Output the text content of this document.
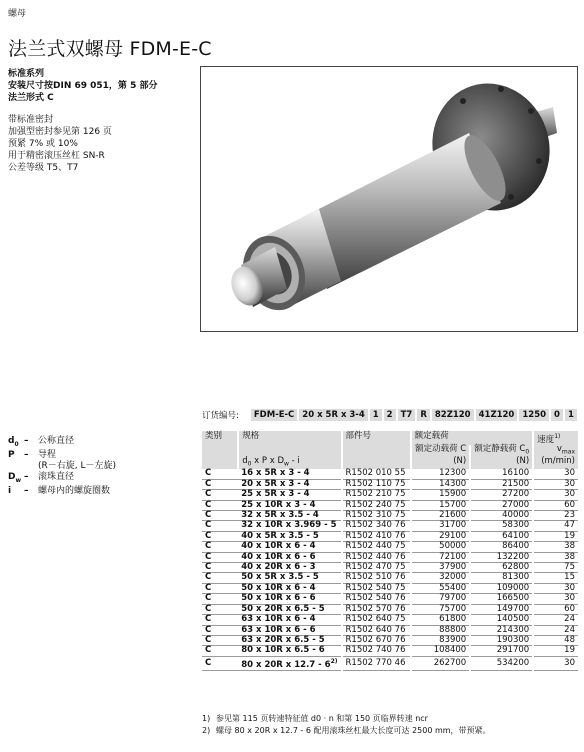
螺母
法兰式双螺母 FDM-E-C
标准系列
安装尺寸按DIN 69 051，第 5 部分
法兰形式 C
带标准密封
加强型密封参见第 126 页
预紧 7% 或 10%
用于精密滚压丝杠 SN-R
公差等级 T5、T7
$d_0$ –	公称直径
P	–	导程
(R－右旋, L－左旋)
$D_w$ –	滚珠直径
i	–	螺母内的螺旋圈数
订货编号:	FDM-E-C 20 x 5R x 3-4 1 2 T7 R 82Z120 41Z120 1250 0 1
类别	规格	部件号	额定载荷		速度$^{1)}$
			额定动载荷 C	额定静载荷 $C_0$	$v_{max}$
	$d_0$ x P x $D_w$ - i		(N)	(N)	(m/min)
C	16 x 5R x 3 - 4	R1502 010 55	12300	16100	30
C	20 x 5R x 3 - 4	R1502 110 75	14300	21500	30
C	25 x 5R x 3 - 4	R1502 210 75	15900	27200	30
C	25 x 10R x 3 - 4	R1502 240 75	15700	27000	60
C	32 x 5R x 3.5 - 4	R1502 310 75	21600	40000	23
C	32 x 10R x 3.969 - 5	R1502 340 76	31700	58300	47
C	40 x 5R x 3.5 - 5	R1502 410 76	29100	64100	19
C	40 x 10R x 6 - 4	R1502 440 75	50000	86400	38
C	40 x 10R x 6 - 6	R1502 440 76	72100	132200	38
C	40 x 20R x 6 - 3	R1502 470 75	37900	62800	75
C	50 x 5R x 3.5 - 5	R1502 510 76	32000	81300	15
C	50 x 10R x 6 - 4	R1502 540 75	55400	109000	30
C	50 x 10R x 6 - 6	R1502 540 76	79700	166500	30
C	50 x 20R x 6.5 - 5	R1502 570 76	75700	149700	60
C	63 x 10R x 6 - 4	R1502 640 75	61800	140500	24
C	63 x 10R x 6 - 6	R1502 640 76	88800	214300	24
C	63 x 20R x 6.5 - 5	R1502 670 76	83900	190300	48
C	80 x 10R x 6.5 - 6	R1502 740 76	108400	291700	19
C	80 x 20R x 12.7 - 6$^{2)}$	R1502 770 46	262700	534200	30
1) 参见第 115 页转速特征值 d0 · n 和第 150 页临界转速 ncr
2) 螺母 80 x 20R x 12.7 - 6 配用滚珠丝杠最大长度可达 2500 mm，带预紧。
